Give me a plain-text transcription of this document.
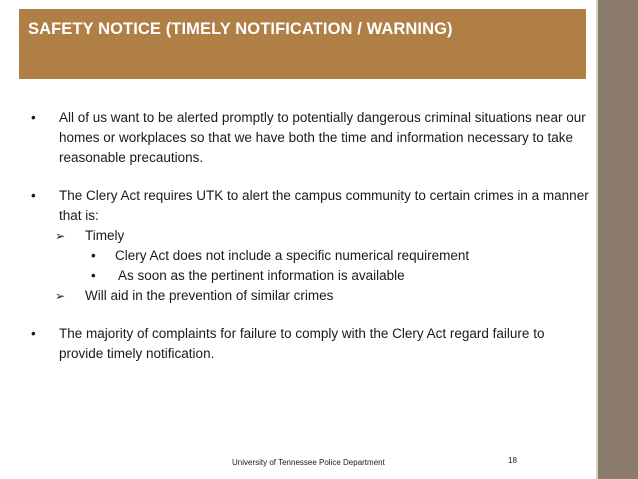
SAFETY NOTICE (TIMELY NOTIFICATION / WARNING)
• All of us want to be alerted promptly to potentially dangerous criminal situations near our homes or workplaces so that we have both the time and information necessary to take reasonable precautions.
• The Clery Act requires UTK to alert the campus community to certain crimes in a manner that is:
➢ Timely
• Clery Act does not include a specific numerical requirement
• As soon as the pertinent information is available
➢ Will aid in the prevention of similar crimes
• The majority of complaints for failure to comply with the Clery Act regard failure to provide timely notification.
University of Tennessee Police Department	18
